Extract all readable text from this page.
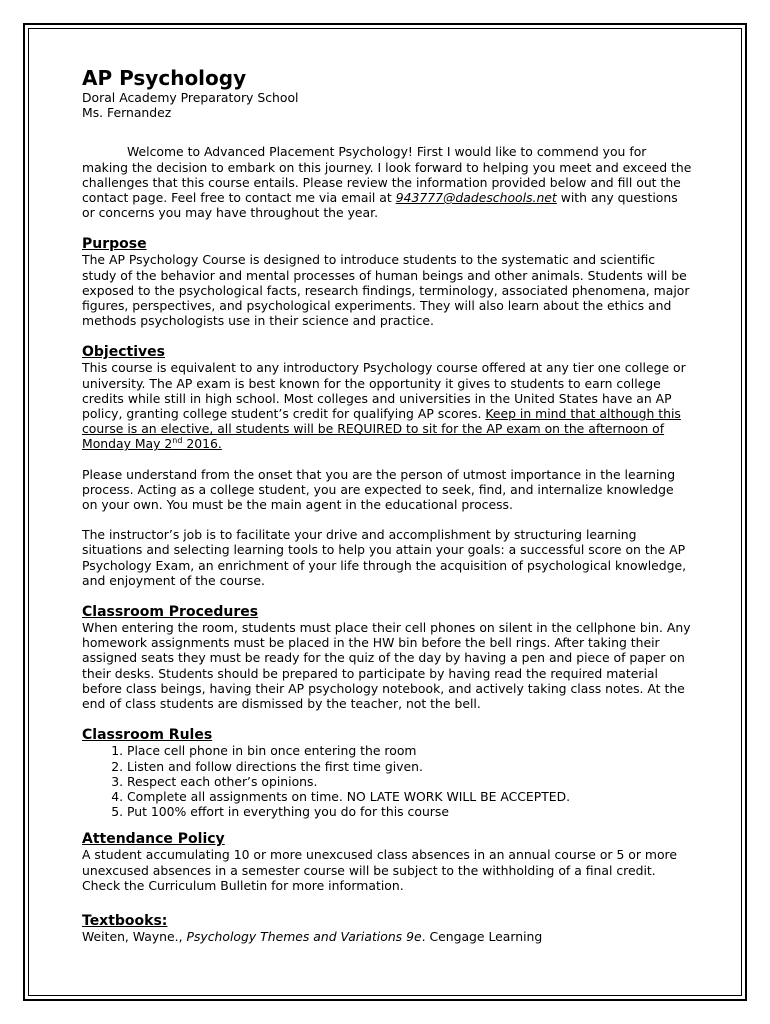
AP Psychology

Doral Academy Preparatory School

Ms. Fernandez

Welcome to Advanced Placement Psychology! First I would like to commend you for making the decision to embark on this journey. I look forward to helping you meet and exceed the challenges that this course entails. Please review the information provided below and fill out the contact page. Feel free to contact me via email at 943777@dadeschools.net with any questions or concerns you may have throughout the year.

Purpose

The AP Psychology Course is designed to introduce students to the systematic and scientific study of the behavior and mental processes of human beings and other animals. Students will be exposed to the psychological facts, research findings, terminology, associated phenomena, major figures, perspectives, and psychological experiments. They will also learn about the ethics and methods psychologists use in their science and practice.

Objectives

This course is equivalent to any introductory Psychology course offered at any tier one college or university. The AP exam is best known for the opportunity it gives to students to earn college credits while still in high school. Most colleges and universities in the United States have an AP policy, granting college student’s credit for qualifying AP scores. Keep in mind that although this course is an elective, all students will be REQUIRED to sit for the AP exam on the afternoon of Monday May 2nd 2016.

Please understand from the onset that you are the person of utmost importance in the learning process. Acting as a college student, you are expected to seek, find, and internalize knowledge on your own. You must be the main agent in the educational process.

The instructor’s job is to facilitate your drive and accomplishment by structuring learning situations and selecting learning tools to help you attain your goals: a successful score on the AP Psychology Exam, an enrichment of your life through the acquisition of psychological knowledge, and enjoyment of the course.

Classroom Procedures

When entering the room, students must place their cell phones on silent in the cellphone bin. Any homework assignments must be placed in the HW bin before the bell rings. After taking their assigned seats they must be ready for the quiz of the day by having a pen and piece of paper on their desks. Students should be prepared to participate by having read the required material before class beings, having their AP psychology notebook, and actively taking class notes. At the end of class students are dismissed by the teacher, not the bell.

Classroom Rules
1. Place cell phone in bin once entering the room
2. Listen and follow directions the first time given.
3. Respect each other’s opinions.
4. Complete all assignments on time. NO LATE WORK WILL BE ACCEPTED.
5. Put 100% effort in everything you do for this course
Attendance Policy

A student accumulating 10 or more unexcused class absences in an annual course or 5 or more unexcused absences in a semester course will be subject to the withholding of a final credit. Check the Curriculum Bulletin for more information.

Textbooks:

Weiten, Wayne., Psychology Themes and Variations 9e. Cengage Learning
